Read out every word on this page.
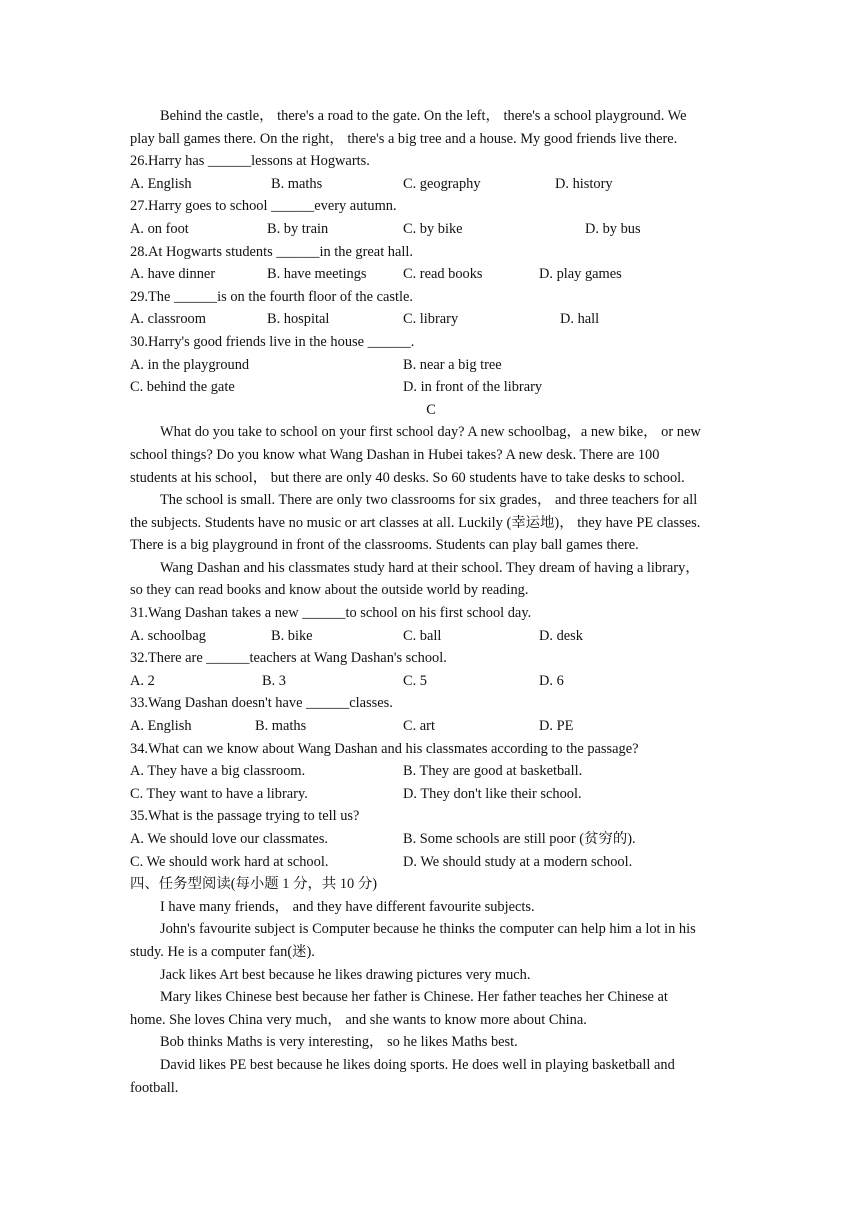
Behind the castle， there's a road to the gate. On the left， there's a school playground. We
play ball games there. On the right， there's a big tree and a house. My good friends live there.
26.Harry has ______lessons at Hogwarts.
A. English	B. maths	C. geography	D. history
27.Harry goes to school ______every autumn.
A. on foot	B. by train	C. by bike	D. by bus
28.At Hogwarts students ______in the great hall.
A. have dinner	B. have meetings	C. read books	D. play games
29.The ______is on the fourth floor of the castle.
A. classroom	B. hospital	C. library	D. hall
30.Harry's good friends live in the house ______.
A. in the playground	B. near a big tree
C. behind the gate	D. in front of the library
C
What do you take to school on your first school day? A new schoolbag，a new bike， or new
school things? Do you know what Wang Dashan in Hubei takes? A new desk. There are 100
students at his school， but there are only 40 desks. So 60 students have to take desks to school.
The school is small. There are only two classrooms for six grades， and three teachers for all
the subjects. Students have no music or art classes at all. Luckily (幸运地)， they have PE classes.
There is a big playground in front of the classrooms. Students can play ball games there.
Wang Dashan and his classmates study hard at their school. They dream of having a library，
so they can read books and know about the outside world by reading.
31.Wang Dashan takes a new ______to school on his first school day.
A. schoolbag	B. bike	C. ball	D. desk
32.There are ______teachers at Wang Dashan's school.
A. 2	B. 3	C. 5	D. 6
33.Wang Dashan doesn't have ______classes.
A. English	B. maths	C. art	D. PE
34.What can we know about Wang Dashan and his classmates according to the passage?
A. They have a big classroom.	B. They are good at basketball.
C. They want to have a library.	D. They don't like their school.
35.What is the passage trying to tell us?
A. We should love our classmates.	B. Some schools are still poor (贫穷的).
C. We should work hard at school.	D. We should study at a modern school.
四、任务型阅读(每小题 1 分，共 10 分)
I have many friends， and they have different favourite subjects.
John's favourite subject is Computer because he thinks the computer can help him a lot in his
study. He is a computer fan(迷).
Jack likes Art best because he likes drawing pictures very much.
Mary likes Chinese best because her father is Chinese. Her father teaches her Chinese at
home. She loves China very much， and she wants to know more about China.
Bob thinks Maths is very interesting， so he likes Maths best.
David likes PE best because he likes doing sports. He does well in playing basketball and
football.
